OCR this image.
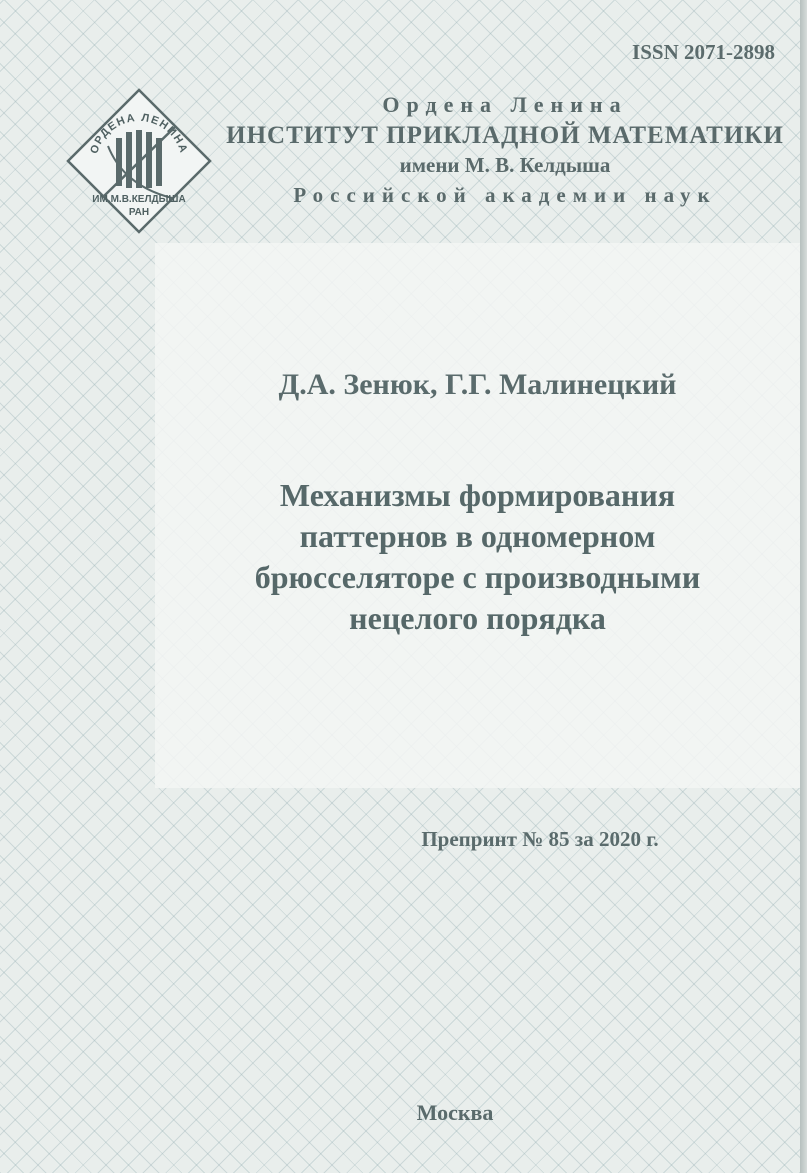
ISSN 2071-2898
ОРДЕНА ЛЕНИНА
ИМ.М.В.КЕЛДЫША
РАН
Ордена Ленина
ИНСТИТУТ ПРИКЛАДНОЙ МАТЕМАТИКИ
имени М. В. Келдыша
Российской академии наук
Д.А. Зенюк, Г.Г. Малинецкий
Механизмы формирования
паттернов в одномерном
брюсселяторе с производными
нецелого порядка
Препринт № 85 за 2020 г.
Москва
